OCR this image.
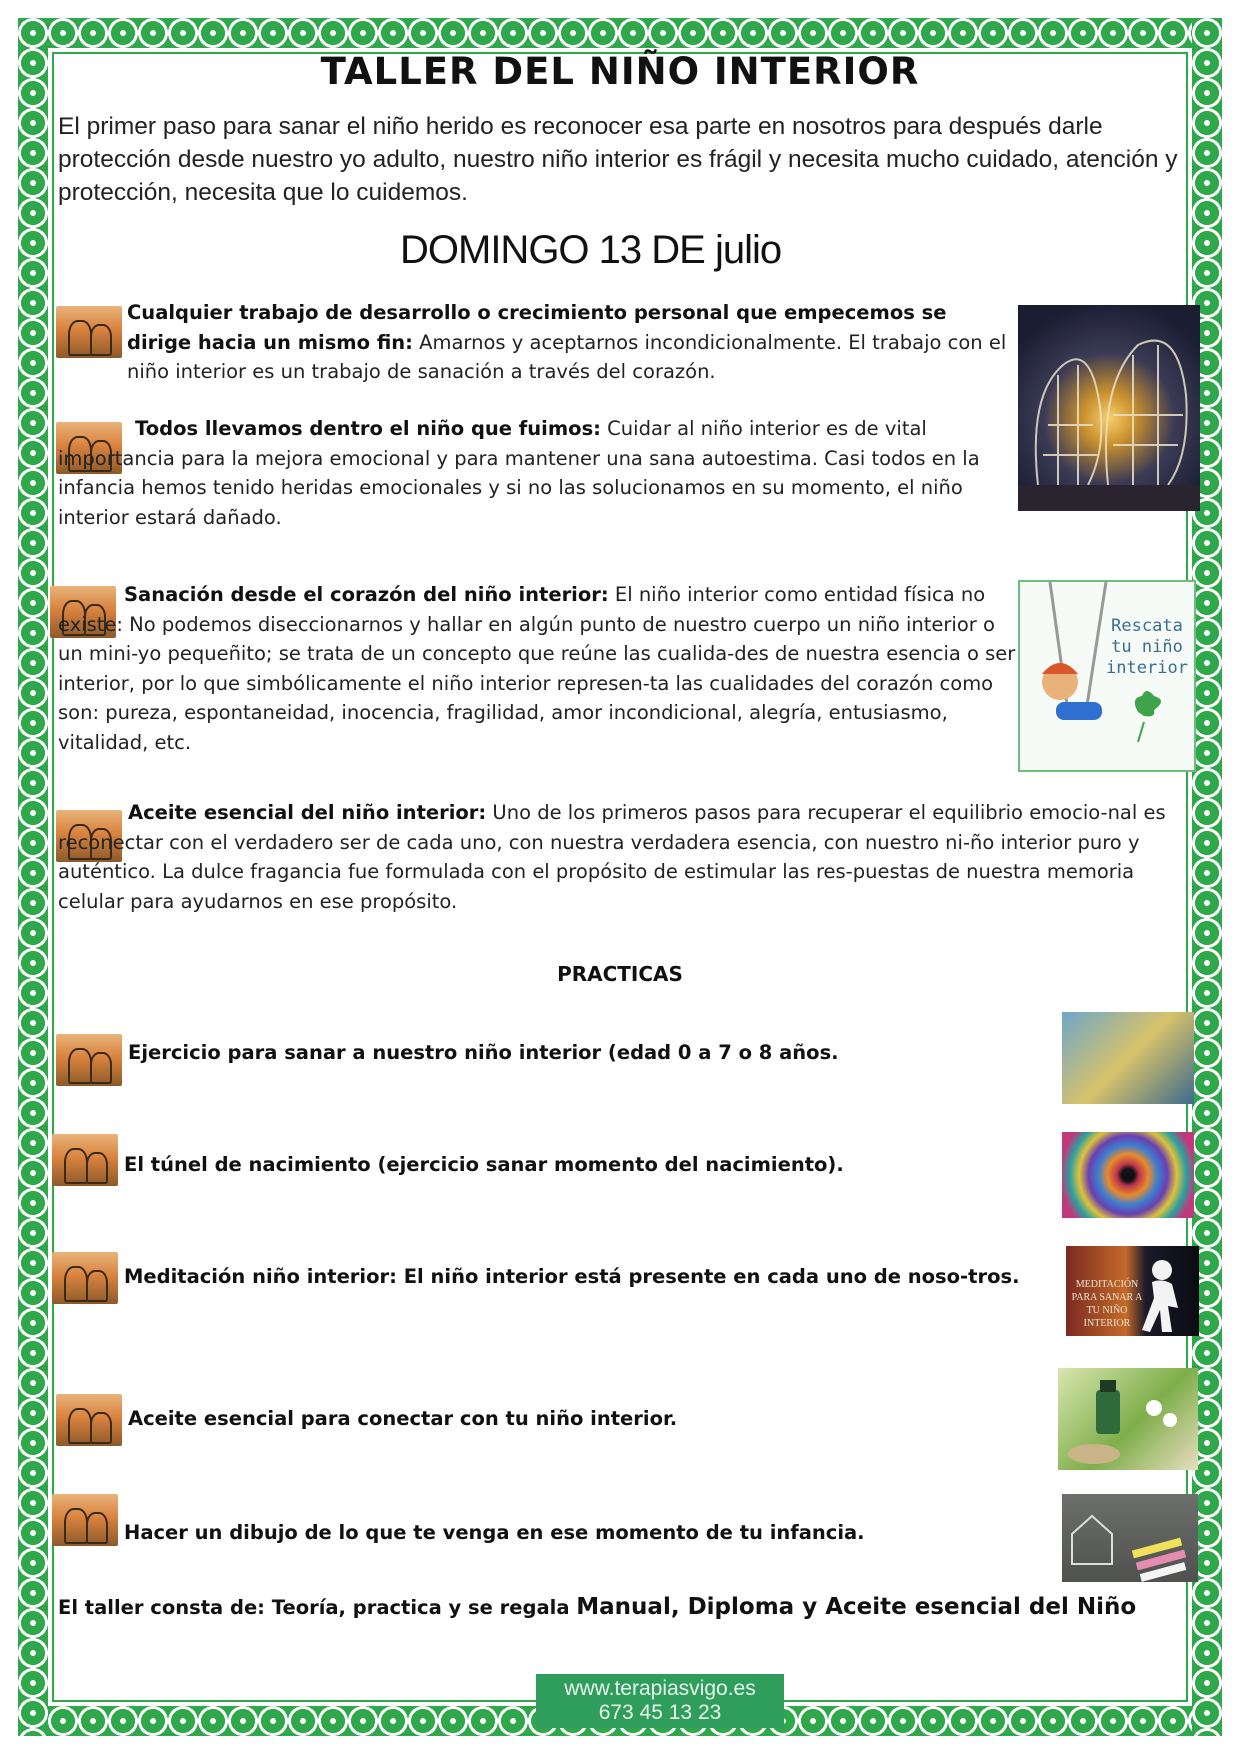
TALLER DEL NIÑO INTERIOR
El primer paso para sanar el niño herido es reconocer esa parte en nosotros para después darle protección desde nuestro yo adulto, nuestro niño interior es frágil y necesita mucho cuidado, atención y protección, necesita que lo cuidemos.
DOMINGO 13 DE julio
Cualquier trabajo de desarrollo o crecimiento personal que empecemos se dirige hacia un mismo fin: Amarnos y aceptarnos incondicionalmente. El trabajo con el niño interior es un trabajo de sanación a través del corazón.
Todos llevamos dentro el niño que fuimos: Cuidar al niño interior es de vital importancia para la mejora emocional y para mantener una sana autoestima. Casi todos en la infancia hemos tenido heridas emocionales y si no las solucionamos en su momento, el niño interior estará dañado.
Sanación desde el corazón del niño interior: El niño interior como entidad física no existe: No podemos diseccionarnos y hallar en algún punto de nuestro cuerpo un niño interior o un mini-yo pequeñito; se trata de un concepto que reúne las cualida-des de nuestra esencia o ser interior, por lo que simbólicamente el niño interior represen-ta las cualidades del corazón como son: pureza, espontaneidad, inocencia, fragilidad, amor incondicional, alegría, entusiasmo, vitalidad, etc.
Rescata tu niño interior
Aceite esencial del niño interior: Uno de los primeros pasos para recuperar el equilibrio emocio-nal es reconectar con el verdadero ser de cada uno, con nuestra verdadera esencia, con nuestro ni-ño interior puro y auténtico. La dulce fragancia fue formulada con el propósito de estimular las res-puestas de nuestra memoria celular para ayudarnos en ese propósito.
PRACTICAS
Ejercicio para sanar a nuestro niño interior (edad 0 a 7 o 8 años.
El túnel de nacimiento (ejercicio sanar momento del nacimiento).
Meditación niño interior: El niño interior está presente en cada uno de noso-tros.	MEDITACIÓN PARA SANAR A TU NIÑO INTERIOR
Aceite esencial para conectar con tu niño interior.
Hacer un dibujo de lo que te venga en ese momento de tu infancia.
El taller consta de: Teoría, practica y se regala Manual, Diploma y Aceite esencial del Niño
www.terapiasvigo.es
673 45 13 23
